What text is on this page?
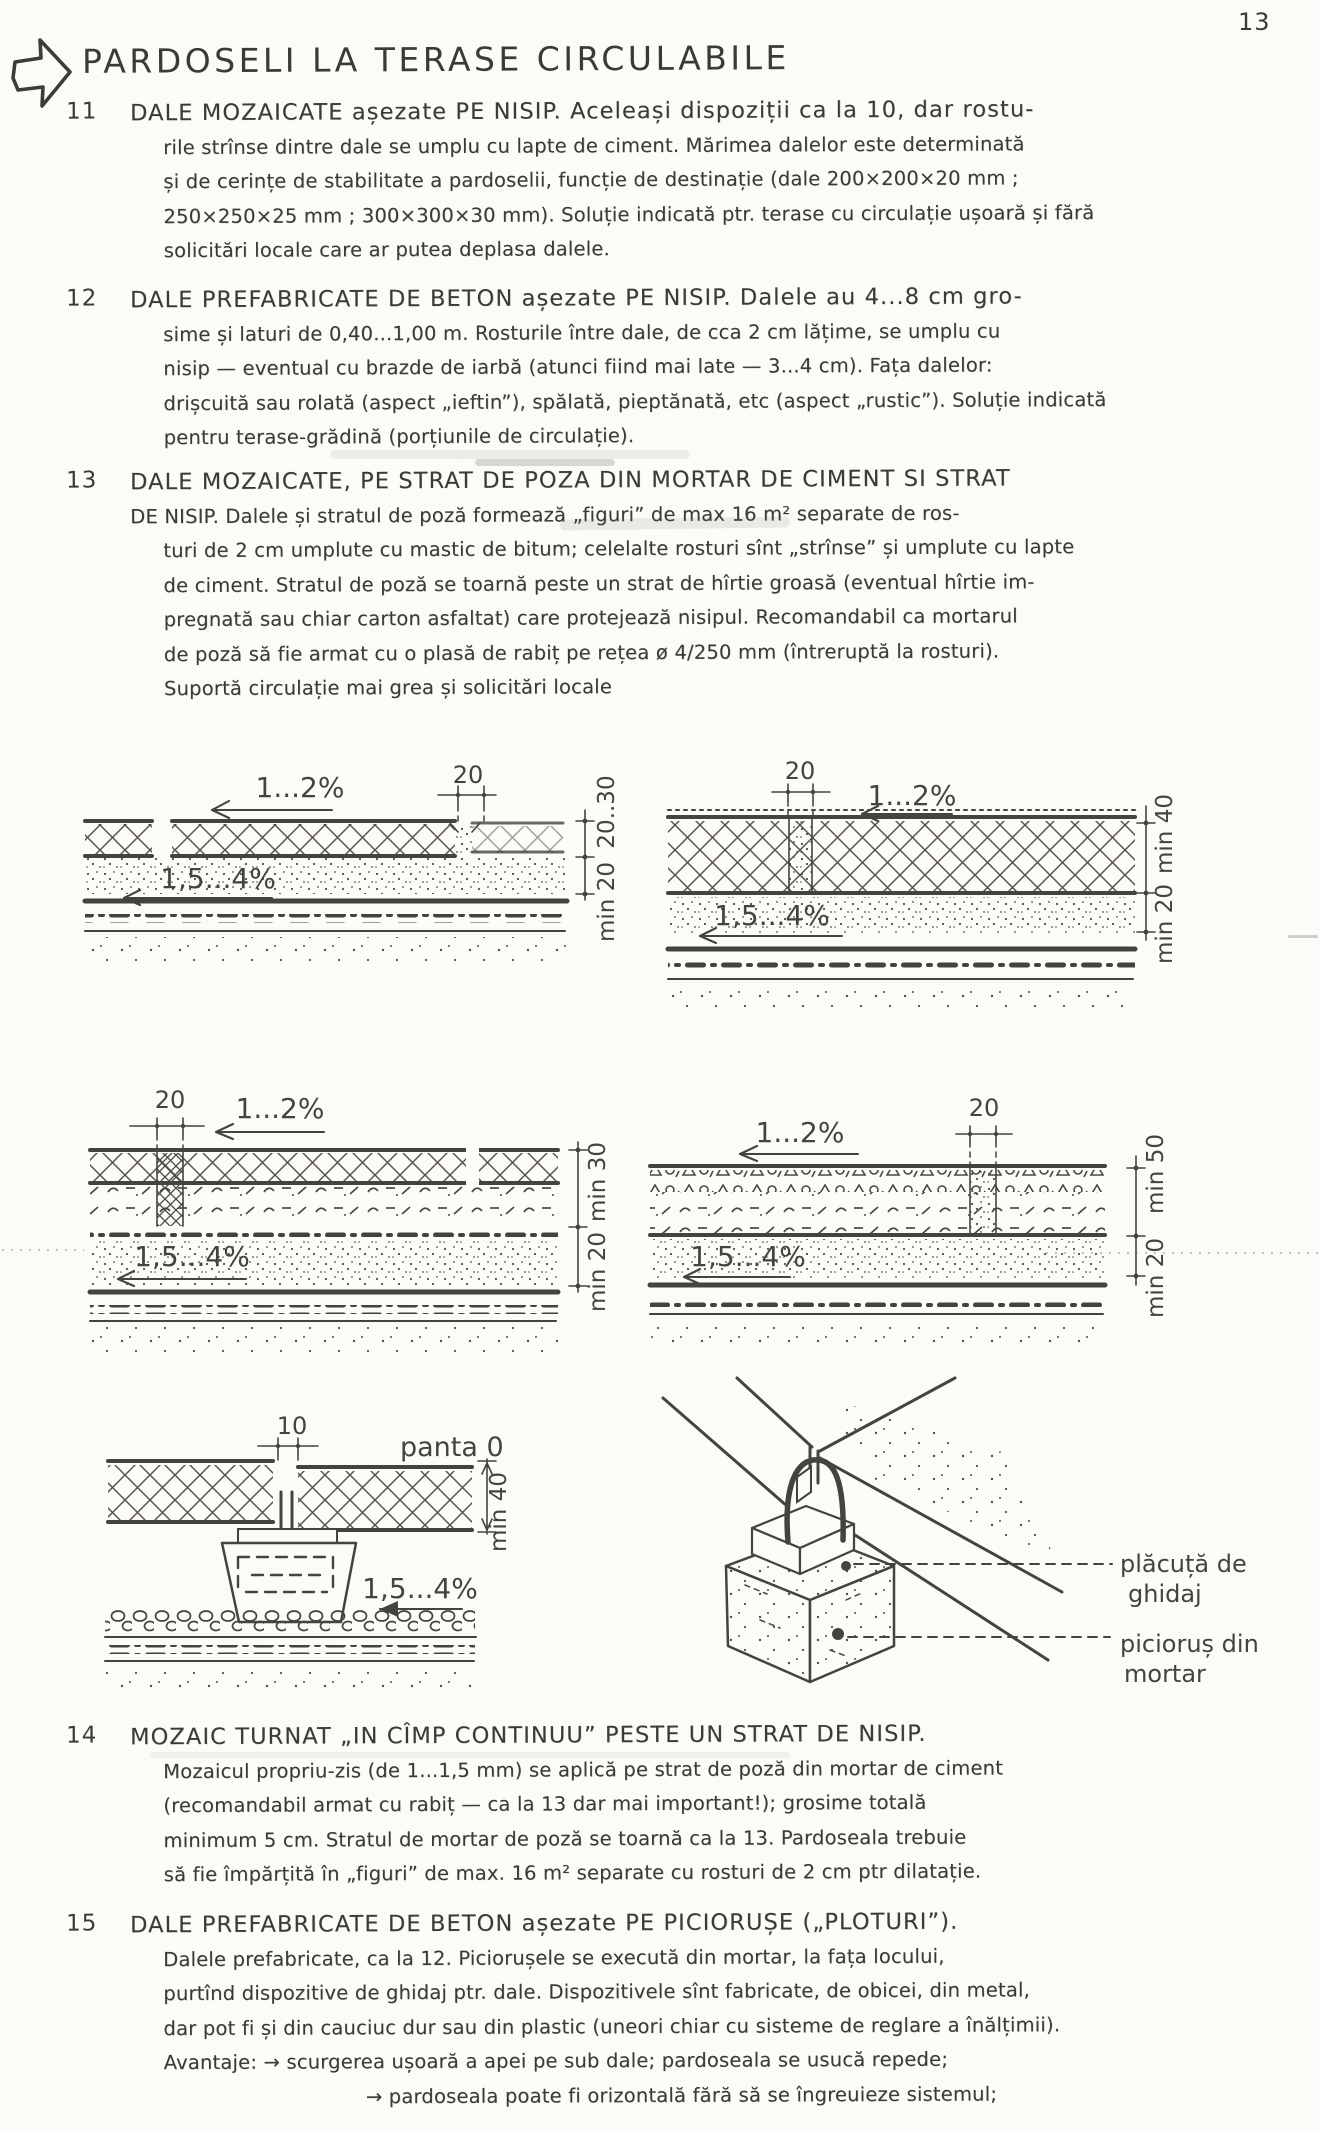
13
PARDOSELI LA TERASE CIRCULABILE
11 DALE MOZAICATE așezate PE NISIP. Aceleași dispoziții ca la 10, dar rostu-
rile strînse dintre dale se umplu cu lapte de ciment. Mărimea dalelor este determinată
și de cerințe de stabilitate a pardoselii, funcție de destinație (dale 200×200×20 mm ;
250×250×25 mm ; 300×300×30 mm). Soluție indicată ptr. terase cu circulație ușoară și fără
solicitări locale care ar putea deplasa dalele.
12 DALE PREFABRICATE DE BETON așezate PE NISIP. Dalele au 4...8 cm gro-
sime și laturi de 0,40...1,00 m. Rosturile între dale, de cca 2 cm lățime, se umplu cu
nisip — eventual cu brazde de iarbă (atunci fiind mai late — 3...4 cm). Fața dalelor:
drișcuită sau rolată (aspect „ieftin”), spălată, pieptănată, etc (aspect „rustic”). Soluție indicată
pentru terase-grădină (porțiunile de circulație).
13 DALE MOZAICATE, PE STRAT DE POZA DIN MORTAR DE CIMENT SI STRAT
DE NISIP. Dalele și stratul de poză formează „figuri” de max 16 m² separate de ros-
turi de 2 cm umplute cu mastic de bitum; celelalte rosturi sînt „strînse” și umplute cu lapte
de ciment. Stratul de poză se toarnă peste un strat de hîrtie groasă (eventual hîrtie im-
pregnată sau chiar carton asfaltat) care protejează nisipul. Recomandabil ca mortarul
de poză să fie armat cu o plasă de rabiț pe rețea ø 4/250 mm (întreruptă la rosturi).
Suportă circulație mai grea și solicitări locale
1...2%	20
1,5...4%
20..30
min 20
20
1...2%
1,5...4%
min 40
min 20
20 1...2%
1,5...4%
min 30
min 20
1...2%
20
1,5...4%
min 50
min 20
10
panta 0
min 40
1,5...4%
plăcuță de
ghidaj
picioruș din
mortar
14 MOZAIC TURNAT „IN CÎMP CONTINUU” PESTE UN STRAT DE NISIP.
Mozaicul propriu-zis (de 1...1,5 mm) se aplică pe strat de poză din mortar de ciment
(recomandabil armat cu rabiț — ca la 13 dar mai important!); grosime totală
minimum 5 cm. Stratul de mortar de poză se toarnă ca la 13. Pardoseala trebuie
să fie împărțită în „figuri” de max. 16 m² separate cu rosturi de 2 cm ptr dilatație.
15 DALE PREFABRICATE DE BETON așezate PE PICIORUȘE („PLOTURI”).
Dalele prefabricate, ca la 12. Piciorușele se execută din mortar, la fața locului,
purtînd dispozitive de ghidaj ptr. dale. Dispozitivele sînt fabricate, de obicei, din metal,
dar pot fi și din cauciuc dur sau din plastic (uneori chiar cu sisteme de reglare a înălțimii).
Avantaje: → scurgerea ușoară a apei pe sub dale; pardoseala se usucă repede;
→ pardoseala poate fi orizontală fără să se îngreuieze sistemul;
